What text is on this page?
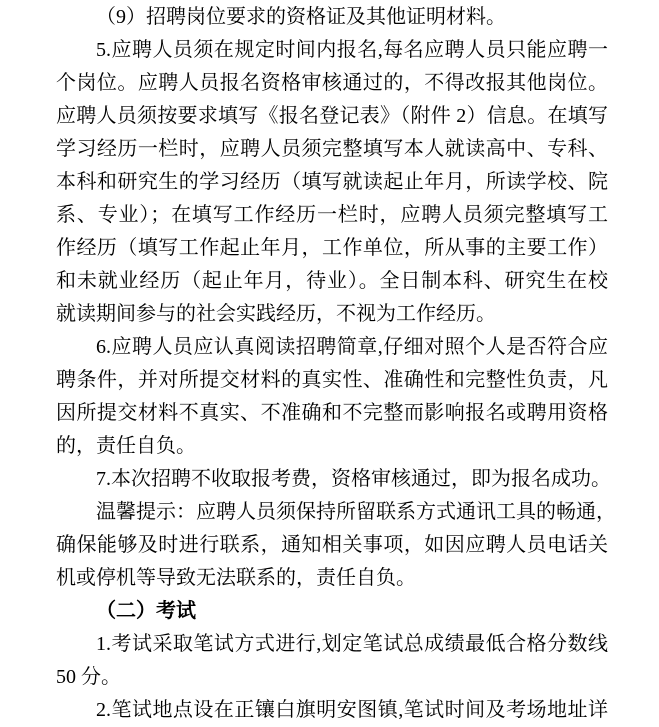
（9）招聘岗位要求的资格证及其他证明材料。
5.应聘人员须在规定时间内报名,每名应聘人员只能应聘一
个岗位。应聘人员报名资格审核通过的，不得改报其他岗位。
应聘人员须按要求填写《报名登记表》（附件 2）信息。在填写
学习经历一栏时，应聘人员须完整填写本人就读高中、专科、
本科和研究生的学习经历（填写就读起止年月，所读学校、院
系、专业）；在填写工作经历一栏时，应聘人员须完整填写工
作经历（填写工作起止年月，工作单位，所从事的主要工作）
和未就业经历（起止年月，待业）。全日制本科、研究生在校
就读期间参与的社会实践经历，不视为工作经历。
6.应聘人员应认真阅读招聘简章,仔细对照个人是否符合应
聘条件，并对所提交材料的真实性、准确性和完整性负责，凡
因所提交材料不真实、不准确和不完整而影响报名或聘用资格
的，责任自负。
7.本次招聘不收取报考费，资格审核通过，即为报名成功。
温馨提示：应聘人员须保持所留联系方式通讯工具的畅通，
确保能够及时进行联系，通知相关事项，如因应聘人员电话关
机或停机等导致无法联系的，责任自负。
（二）考试
1.考试采取笔试方式进行,划定笔试总成绩最低合格分数线
50 分。
2.笔试地点设在正镶白旗明安图镇,笔试时间及考场地址详
